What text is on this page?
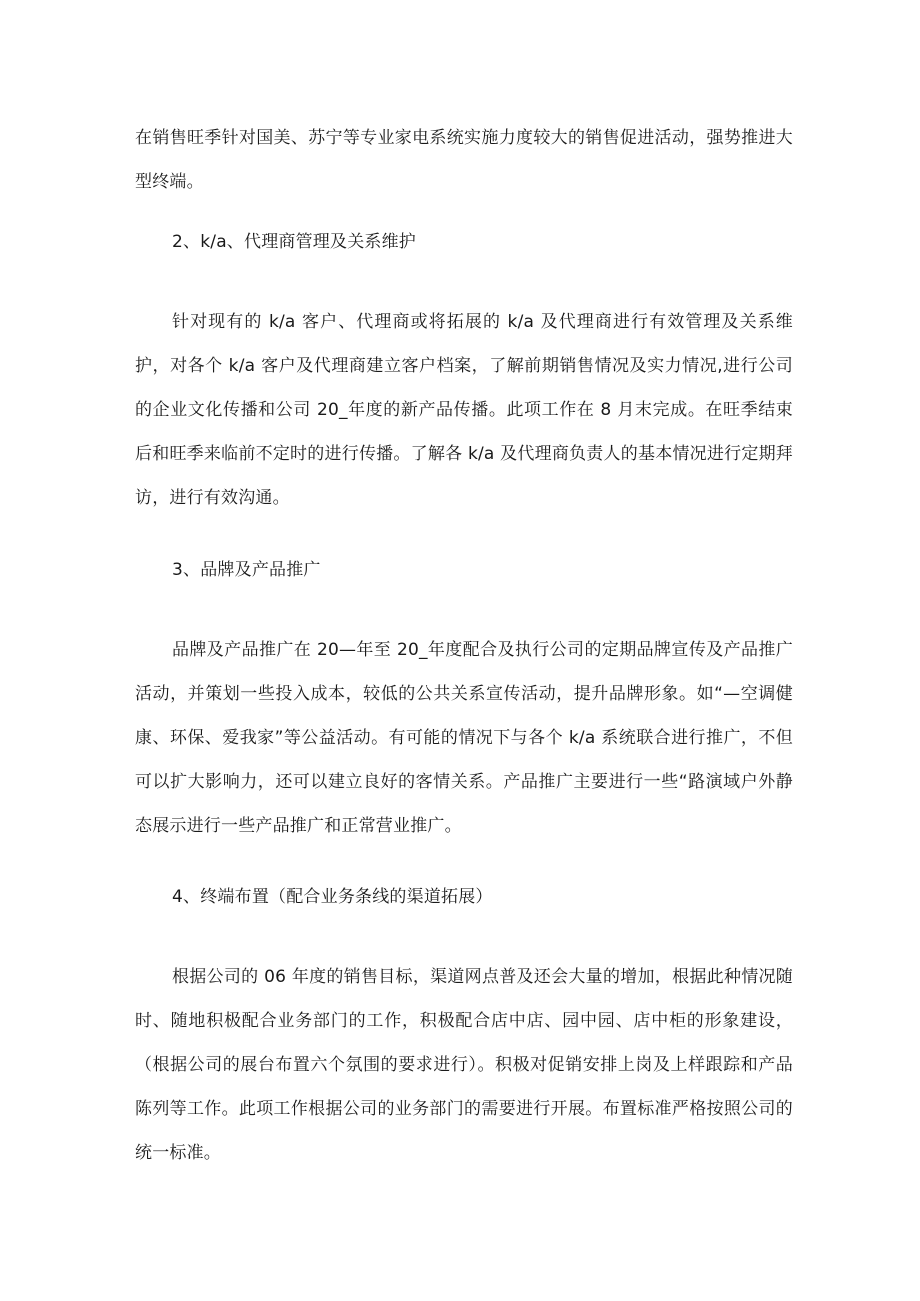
在销售旺季针对国美、苏宁等专业家电系统实施力度较大的销售促进活动，强势推进大型终端。

2、k/a、代理商管理及关系维护

针对现有的 k/a 客户、代理商或将拓展的 k/a 及代理商进行有效管理及关系维护，对各个 k/a 客户及代理商建立客户档案，了解前期销售情况及实力情况,进行公司的企业文化传播和公司 20_年度的新产品传播。此项工作在 8 月末完成。在旺季结束后和旺季来临前不定时的进行传播。了解各 k/a 及代理商负责人的基本情况进行定期拜访，进行有效沟通。

3、品牌及产品推广

品牌及产品推广在 20—年至 20_年度配合及执行公司的定期品牌宣传及产品推广活动，并策划一些投入成本，较低的公共关系宣传活动，提升品牌形象。如“—空调健康、环保、爱我家”等公益活动。有可能的情况下与各个 k/a 系统联合进行推广，不但可以扩大影响力，还可以建立良好的客情关系。产品推广主要进行一些“路演域户外静态展示进行一些产品推广和正常营业推广。

4、终端布置（配合业务条线的渠道拓展）

根据公司的 06 年度的销售目标，渠道网点普及还会大量的增加，根据此种情况随时、随地积极配合业务部门的工作，积极配合店中店、园中园、店中柜的形象建设，（根据公司的展台布置六个氛围的要求进行）。积极对促销安排上岗及上样跟踪和产品陈列等工作。此项工作根据公司的业务部门的需要进行开展。布置标准严格按照公司的统一标准。
